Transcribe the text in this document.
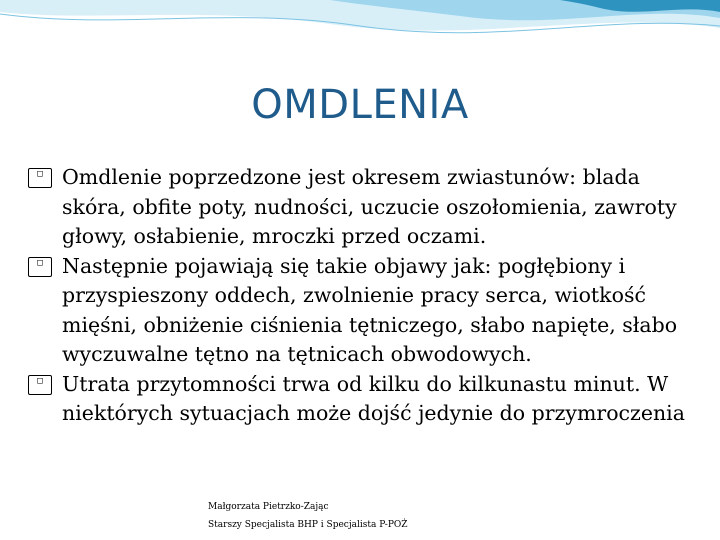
OMDLENIA
□ Omdlenie poprzedzone jest okresem zwiastunów: blada skóra, obfite poty, nudności, uczucie oszołomienia, zawroty głowy, osłabienie, mroczki przed oczami.
□ Następnie pojawiają się takie objawy jak: pogłębiony i przyspieszony oddech, zwolnienie pracy serca, wiotkość mięśni, obniżenie ciśnienia tętniczego, słabo napięte, słabo wyczuwalne tętno na tętnicach obwodowych.
□ Utrata przytomności trwa od kilku do kilkunastu minut. W niektórych sytuacjach może dojść jedynie do przymroczenia
Małgorzata Pietrzko-Zając
Starszy Specjalista BHP i Specjalista P-POŻ
